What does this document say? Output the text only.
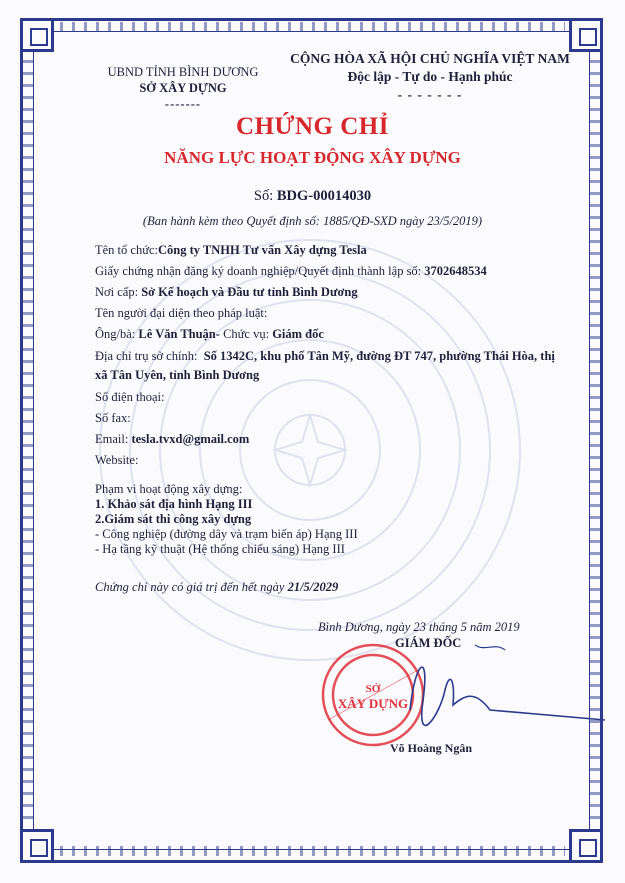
UBND TỈNH BÌNH DƯƠNG
SỞ XÂY DỰNG
-------
CỘNG HÒA XÃ HỘI CHỦ NGHĨA VIỆT NAM
Độc lập - Tự do - Hạnh phúc
- - - - - - -
CHỨNG CHỈ
NĂNG LỰC HOẠT ĐỘNG XÂY DỰNG
Số: BDG-00014030
(Ban hành kèm theo Quyết định số: 1885/QĐ-SXD ngày 23/5/2019)
Tên tổ chức:Công ty TNHH Tư vấn Xây dựng Tesla
Giấy chứng nhận đăng ký doanh nghiệp/Quyết định thành lập số: 3702648534
Nơi cấp: Sở Kế hoạch và Đầu tư tỉnh Bình Dương
Tên người đại diện theo pháp luật:
Ông/bà: Lê Văn Thuận- Chức vụ: Giám đốc
Địa chỉ trụ sở chính: Số 1342C, khu phố Tân Mỹ, đường ĐT 747, phường Thái Hòa, thị xã Tân Uyên, tỉnh Bình Dương
Số điện thoại:
Số fax:
Email: tesla.tvxd@gmail.com
Website:
Phạm vi hoạt động xây dựng:
1. Khảo sát địa hình Hạng III
2.Giám sát thi công xây dựng
- Công nghiệp (đường dây và trạm biến áp) Hạng III
- Hạ tầng kỹ thuật (Hệ thống chiếu sáng) Hạng III
Chứng chỉ này có giá trị đến hết ngày 21/5/2029
Bình Dương, ngày 23 tháng 5 năm 2019
GIÁM ĐỐC
SỞ
XÂY DỰNG
Võ Hoàng Ngân
